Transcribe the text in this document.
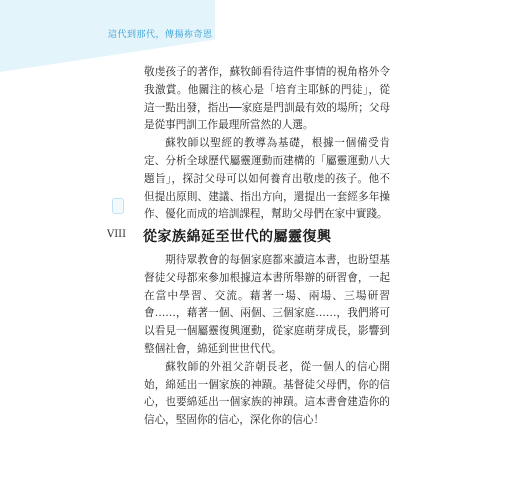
這代到那代，傳揚祢奇恩
VIII

敬虔孩子的著作，蘇牧師看待這件事情的視角格外令我激賞。他關注的核心是「培育主耶穌的門徒」，從這一點出發，指出──家庭是門訓最有效的場所；父母是從事門訓工作最理所當然的人選。

蘇牧師以聖經的教導為基礎，根據一個備受肯定、分析全球歷代屬靈運動而建構的「屬靈運動八大題旨」，探討父母可以如何養育出敬虔的孩子。他不但提出原則、建議、指出方向，還提出一套經多年操作、優化而成的培訓課程，幫助父母們在家中實踐。

從家族綿延至世代的屬靈復興

期待眾教會的每個家庭都來讀這本書，也盼望基督徒父母都來參加根據這本書所舉辦的研習會，一起在當中學習、交流。藉著一場、兩場、三場研習會……，藉著一個、兩個、三個家庭……，我們將可以看見一個屬靈復興運動，從家庭萌芽成長，影響到整個社會，綿延到世世代代。

蘇牧師的外祖父許朝長老，從一個人的信心開始，綿延出一個家族的神蹟。基督徒父母們，你的信心，也要綿延出一個家族的神蹟。這本書會建造你的信心，堅固你的信心，深化你的信心！
